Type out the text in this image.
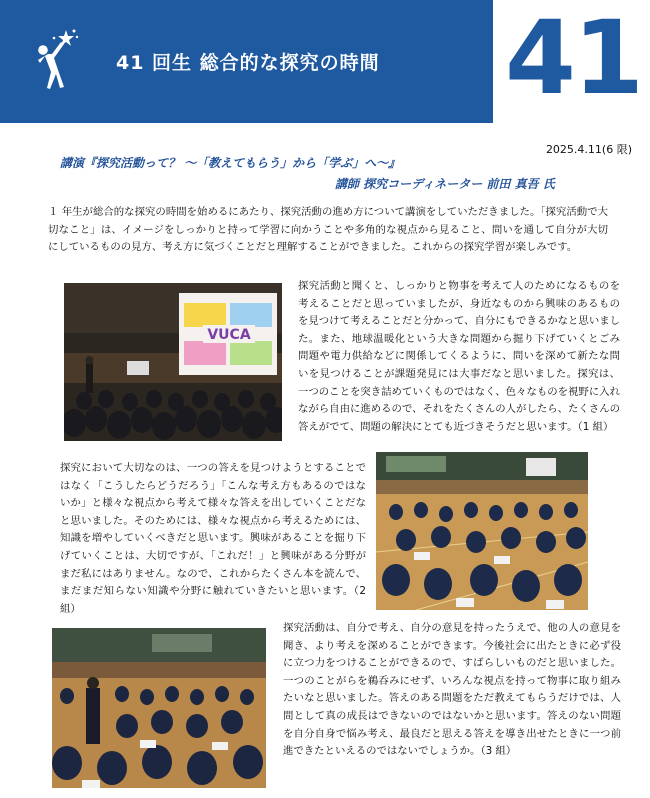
41 回生 総合的な探究の時間 41
2025.4.11(6 限)
講演『探究活動って？ ～「教えてもらう」から「学ぶ」へ～』
講師 探究コーディネーター 前田 真吾 氏

１ 年生が総合的な探究の時間を始めるにあたり、探究活動の進め方について講演をしていただきました。「探究活動で大切なこと」は、イメージをしっかりと持って学習に向かうことや多角的な視点から見ること、問いを通して自分が大切にしているものの見方、考え方に気づくことだと理解することができました。これからの探究学習が楽しみです。

VUCA

探究活動と聞くと、しっかりと物事を考えて人のためになるものを考えることだと思っていましたが、身近なものから興味のあるものを見つけて考えることだと分かって、自分にもできるかなと思いました。また、地球温暖化という大きな問題から掘り下げていくとごみ問題や電力供給などに関係してくるように、問いを深めて新たな問いを見つけることが課題発見には大事だなと思いました。探究は、一つのことを突き詰めていくものではなく、色々なものを視野に入れながら自由に進めるので、それをたくさんの人がしたら、たくさんの答えがでて、問題の解決にとても近づきそうだと思います。（1 組）

探究において大切なのは、一つの答えを見つけようとすることではなく「こうしたらどうだろう」「こんな考え方もあるのではないか」と様々な視点から考えて様々な答えを出していくことだなと思いました。そのためには、様々な視点から考えるためには、知識を増やしていくべきだと思います。興味があることを掘り下げていくことは、大切ですが、「これだ！」と興味がある分野がまだ私にはありません。なので、これからたくさん本を読んで、まだまだ知らない知識や分野に触れていきたいと思います。（2組）

探究活動は、自分で考え、自分の意見を持ったうえで、他の人の意見を聞き、より考えを深めることができます。今後社会に出たときに必ず役に立つ力をつけることができるので、すばらしいものだと思いました。一つのことがらを鵜呑みにせず、いろんな視点を持って物事に取り組みたいなと思いました。答えのある問題をただ教えてもらうだけでは、人間として真の成長はできないのではないかと思います。答えのない問題を自分自身で悩み考え、最良だと思える答えを導き出せたときに一つ前進できたといえるのではないでしょうか。（3 組）
